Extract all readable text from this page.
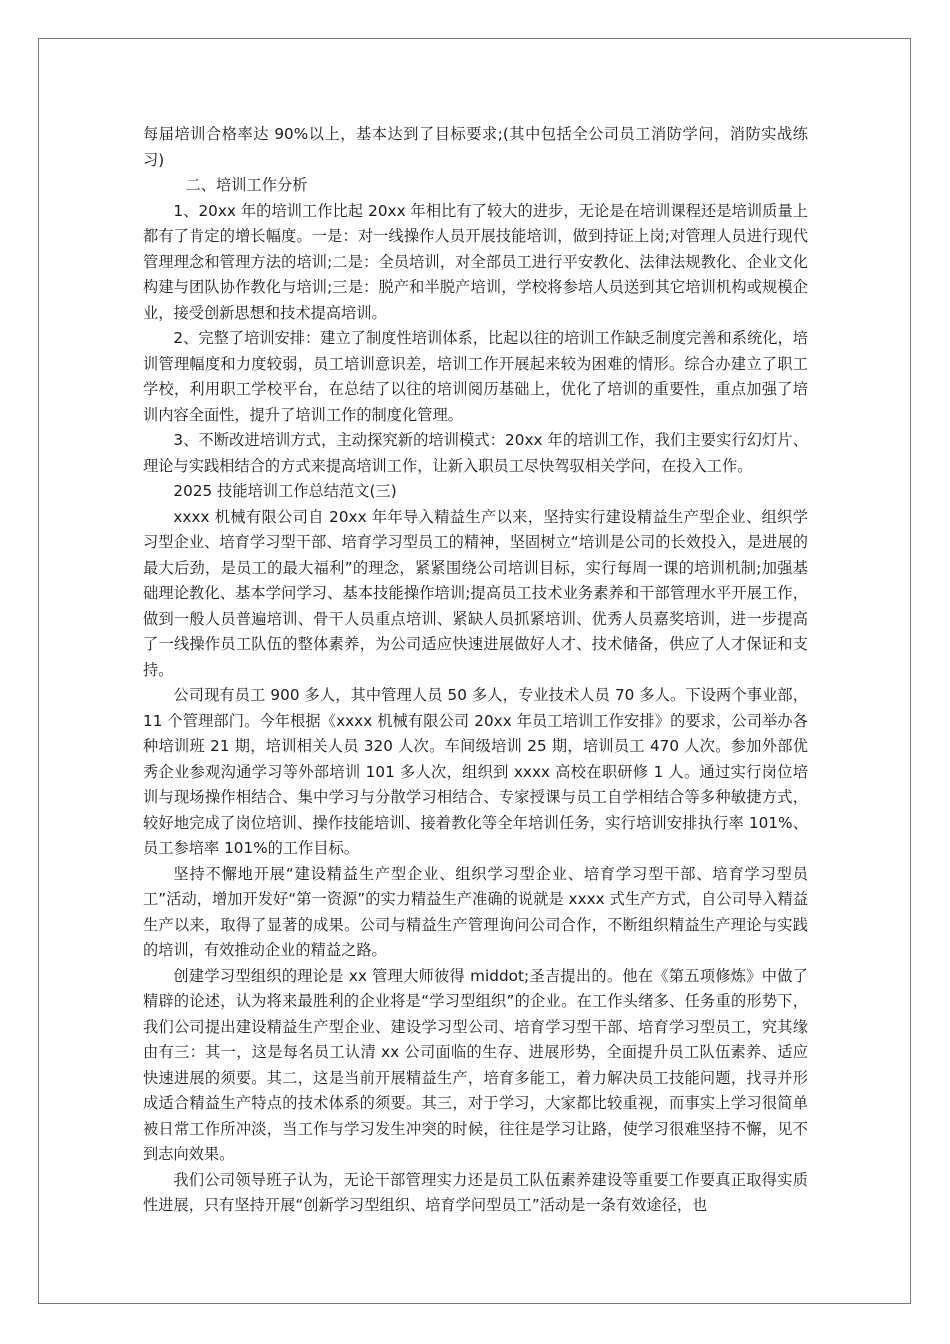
每届培训合格率达 90%以上，基本达到了目标要求;(其中包括全公司员工消防学问，消防实战练习)

二、培训工作分析

1、20xx 年的培训工作比起 20xx 年相比有了较大的进步，无论是在培训课程还是培训质量上都有了肯定的增长幅度。一是：对一线操作人员开展技能培训，做到持证上岗;对管理人员进行现代管理理念和管理方法的培训;二是：全员培训，对全部员工进行平安教化、法律法规教化、企业文化构建与团队协作教化与培训;三是：脱产和半脱产培训，学校将参培人员送到其它培训机构或规模企业，接受创新思想和技术提高培训。

2、完整了培训安排：建立了制度性培训体系，比起以往的培训工作缺乏制度完善和系统化，培训管理幅度和力度较弱，员工培训意识差，培训工作开展起来较为困难的情形。综合办建立了职工学校，利用职工学校平台，在总结了以往的培训阅历基础上，优化了培训的重要性，重点加强了培训内容全面性，提升了培训工作的制度化管理。

3、不断改进培训方式，主动探究新的培训模式：20xx 年的培训工作，我们主要实行幻灯片、理论与实践相结合的方式来提高培训工作，让新入职员工尽快驾驭相关学问，在投入工作。

2025 技能培训工作总结范文(三)

xxxx 机械有限公司自 20xx 年年导入精益生产以来，坚持实行建设精益生产型企业、组织学习型企业、培育学习型干部、培育学习型员工的精神，坚固树立“培训是公司的长效投入，是进展的最大后劲，是员工的最大福利”的理念，紧紧围绕公司培训目标，实行每周一课的培训机制;加强基础理论教化、基本学问学习、基本技能操作培训;提高员工技术业务素养和干部管理水平开展工作，做到一般人员普遍培训、骨干人员重点培训、紧缺人员抓紧培训、优秀人员嘉奖培训，进一步提高了一线操作员工队伍的整体素养，为公司适应快速进展做好人才、技术储备，供应了人才保证和支持。

公司现有员工 900 多人，其中管理人员 50 多人，专业技术人员 70 多人。下设两个事业部，11 个管理部门。今年根据《xxxx 机械有限公司 20xx 年员工培训工作安排》的要求，公司举办各种培训班 21 期，培训相关人员 320 人次。车间级培训 25 期，培训员工 470 人次。参加外部优秀企业参观沟通学习等外部培训 101 多人次，组织到 xxxx 高校在职研修 1 人。通过实行岗位培训与现场操作相结合、集中学习与分散学习相结合、专家授课与员工自学相结合等多种敏捷方式，较好地完成了岗位培训、操作技能培训、接着教化等全年培训任务，实行培训安排执行率 101%、员工参培率 101%的工作目标。

坚持不懈地开展“建设精益生产型企业、组织学习型企业、培育学习型干部、培育学习型员工”活动，增加开发好“第一资源”的实力精益生产准确的说就是 xxxx 式生产方式，自公司导入精益生产以来，取得了显著的成果。公司与精益生产管理询问公司合作，不断组织精益生产理论与实践的培训，有效推动企业的精益之路。

创建学习型组织的理论是 xx 管理大师彼得 middot;圣吉提出的。他在《第五项修炼》中做了精辟的论述，认为将来最胜利的企业将是“学习型组织”的企业。在工作头绪多、任务重的形势下，我们公司提出建设精益生产型企业、建设学习型公司、培育学习型干部、培育学习型员工，究其缘由有三：其一，这是每名员工认清 xx 公司面临的生存、进展形势，全面提升员工队伍素养、适应快速进展的须要。其二，这是当前开展精益生产，培育多能工，着力解决员工技能问题，找寻并形成适合精益生产特点的技术体系的须要。其三，对于学习，大家都比较重视，而事实上学习很简单被日常工作所冲淡，当工作与学习发生冲突的时候，往往是学习让路，使学习很难坚持不懈，见不到志向效果。

我们公司领导班子认为，无论干部管理实力还是员工队伍素养建设等重要工作要真正取得实质性进展，只有坚持开展“创新学习型组织、培育学问型员工”活动是一条有效途径，也
